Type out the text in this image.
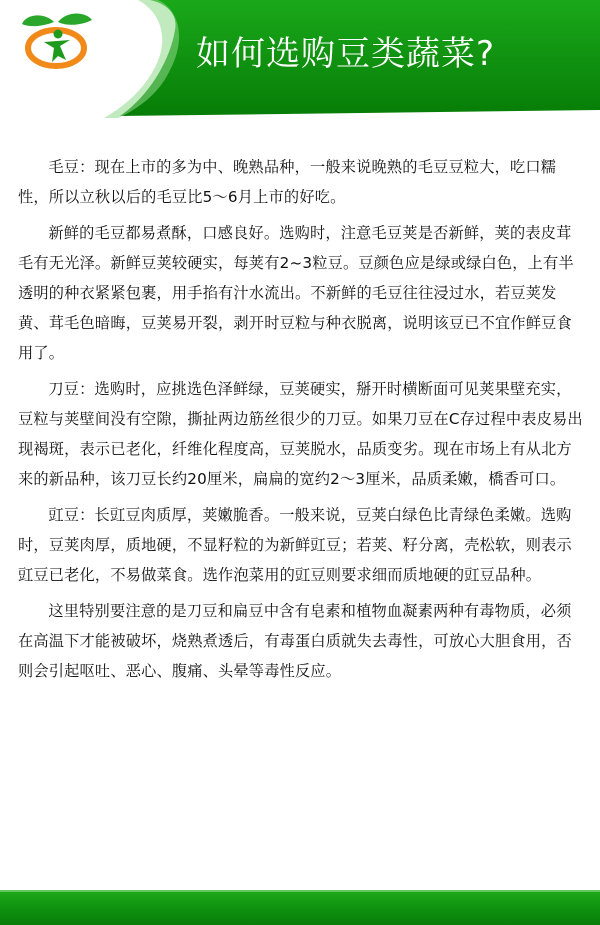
如何选购豆类蔬菜?

毛豆：现在上市的多为中、晚熟品种，一般来说晚熟的毛豆豆粒大，吃口糯性，所以立秋以后的毛豆比5～6月上市的好吃。

新鲜的毛豆都易煮酥，口感良好。选购时，注意毛豆荚是否新鲜，荚的表皮茸毛有无光泽。新鲜豆荚较硬实，每荚有2~3粒豆。豆颜色应是绿或绿白色，上有半透明的种衣紧紧包裹，用手掐有汁水流出。不新鲜的毛豆往往浸过水，若豆荚发黄、茸毛色暗晦，豆荚易开裂，剥开时豆粒与种衣脱离，说明该豆已不宜作鲜豆食用了。

刀豆：选购时，应挑选色泽鲜绿，豆荚硬实，掰开时横断面可见荚果壁充实，豆粒与荚壁间没有空隙，撕扯两边筋丝很少的刀豆。如果刀豆在C存过程中表皮易出现褐斑，表示已老化，纤维化程度高，豆荚脱水，品质变劣。现在市场上有从北方来的新品种，该刀豆长约20厘米，扁扁的宽约2～3厘米，品质柔嫩，橋香可口。

豇豆：长豇豆肉质厚，荚嫩脆香。一般来说，豆荚白绿色比青绿色柔嫩。选购时，豆荚肉厚，质地硬，不显籽粒的为新鲜豇豆；若荚、籽分离，壳松软，则表示豇豆已老化，不易做菜食。选作泡菜用的豇豆则要求细而质地硬的豇豆品种。

这里特别要注意的是刀豆和扁豆中含有皂素和植物血凝素两种有毒物质，必须在高温下才能被破坏，烧熟煮透后，有毒蛋白质就失去毒性，可放心大胆食用，否则会引起呕吐、恶心、腹痛、头晕等毒性反应。
